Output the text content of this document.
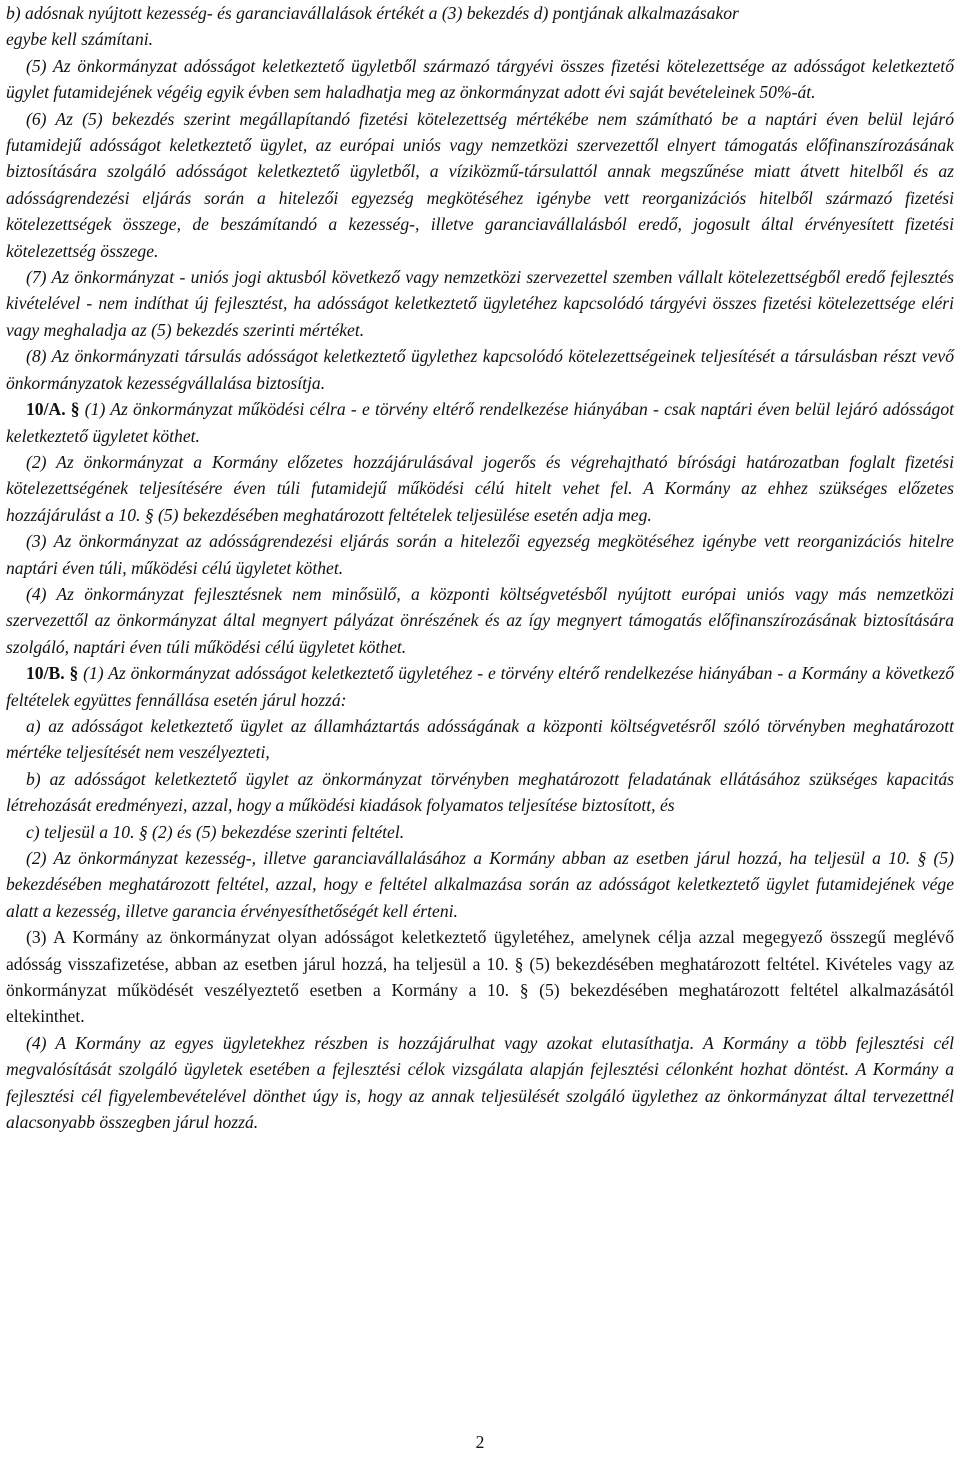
b) adósnak nyújtott kezesség- és garanciavállalások értékét a (3) bekezdés d) pontjának alkalmazásakor

egybe kell számítani.

(5) Az önkormányzat adósságot keletkeztető ügyletből származó tárgyévi összes fizetési kötelezettsége az adósságot keletkeztető ügylet futamidejének végéig egyik évben sem haladhatja meg az önkormányzat adott évi saját bevételeinek 50%-át.

(6) Az (5) bekezdés szerint megállapítandó fizetési kötelezettség mértékébe nem számítható be a naptári éven belül lejáró futamidejű adósságot keletkeztető ügylet, az európai uniós vagy nemzetközi szervezettől elnyert támogatás előfinanszírozásának biztosítására szolgáló adósságot keletkeztető ügyletből, a víziközmű-társulattól annak megszűnése miatt átvett hitelből és az adósságrendezési eljárás során a hitelezői egyezség megkötéséhez igénybe vett reorganizációs hitelből származó fizetési kötelezettségek összege, de beszámítandó a kezesség-, illetve garanciavállalásból eredő, jogosult által érvényesített fizetési kötelezettség összege.

(7) Az önkormányzat - uniós jogi aktusból következő vagy nemzetközi szervezettel szemben vállalt kötelezettségből eredő fejlesztés kivételével - nem indíthat új fejlesztést, ha adósságot keletkeztető ügyletéhez kapcsolódó tárgyévi összes fizetési kötelezettsége eléri vagy meghaladja az (5) bekezdés szerinti mértéket.

(8) Az önkormányzati társulás adósságot keletkeztető ügylethez kapcsolódó kötelezettségeinek teljesítését a társulásban részt vevő önkormányzatok kezességvállalása biztosítja.

10/A. § (1) Az önkormányzat működési célra - e törvény eltérő rendelkezése hiányában - csak naptári éven belül lejáró adósságot keletkeztető ügyletet köthet.

(2) Az önkormányzat a Kormány előzetes hozzájárulásával jogerős és végrehajtható bírósági határozatban foglalt fizetési kötelezettségének teljesítésére éven túli futamidejű működési célú hitelt vehet fel. A Kormány az ehhez szükséges előzetes hozzájárulást a 10. § (5) bekezdésében meghatározott feltételek teljesülése esetén adja meg.

(3) Az önkormányzat az adósságrendezési eljárás során a hitelezői egyezség megkötéséhez igénybe vett reorganizációs hitelre naptári éven túli, működési célú ügyletet köthet.

(4) Az önkormányzat fejlesztésnek nem minősülő, a központi költségvetésből nyújtott európai uniós vagy más nemzetközi szervezettől az önkormányzat által megnyert pályázat önrészének és az így megnyert támogatás előfinanszírozásának biztosítására szolgáló, naptári éven túli működési célú ügyletet köthet.

10/B. § (1) Az önkormányzat adósságot keletkeztető ügyletéhez - e törvény eltérő rendelkezése hiányában - a Kormány a következő feltételek együttes fennállása esetén járul hozzá:

a) az adósságot keletkeztető ügylet az államháztartás adósságának a központi költségvetésről szóló törvényben meghatározott mértéke teljesítését nem veszélyezteti,

b) az adósságot keletkeztető ügylet az önkormányzat törvényben meghatározott feladatának ellátásához szükséges kapacitás létrehozását eredményezi, azzal, hogy a működési kiadások folyamatos teljesítése biztosított, és

c) teljesül a 10. § (2) és (5) bekezdése szerinti feltétel.

(2) Az önkormányzat kezesség-, illetve garanciavállalásához a Kormány abban az esetben járul hozzá, ha teljesül a 10. § (5) bekezdésében meghatározott feltétel, azzal, hogy e feltétel alkalmazása során az adósságot keletkeztető ügylet futamidejének vége alatt a kezesség, illetve garancia érvényesíthetőségét kell érteni.

(3) A Kormány az önkormányzat olyan adósságot keletkeztető ügyletéhez, amelynek célja azzal megegyező összegű meglévő adósság visszafizetése, abban az esetben járul hozzá, ha teljesül a 10. § (5) bekezdésében meghatározott feltétel. Kivételes vagy az önkormányzat működését veszélyeztető esetben a Kormány a 10. § (5) bekezdésében meghatározott feltétel alkalmazásától eltekinthet.

(4) A Kormány az egyes ügyletekhez részben is hozzájárulhat vagy azokat elutasíthatja. A Kormány a több fejlesztési cél megvalósítását szolgáló ügyletek esetében a fejlesztési célok vizsgálata alapján fejlesztési célonként hozhat döntést. A Kormány a fejlesztési cél figyelembevételével dönthet úgy is, hogy az annak teljesülését szolgáló ügylethez az önkormányzat által tervezettnél alacsonyabb összegben járul hozzá.

2
